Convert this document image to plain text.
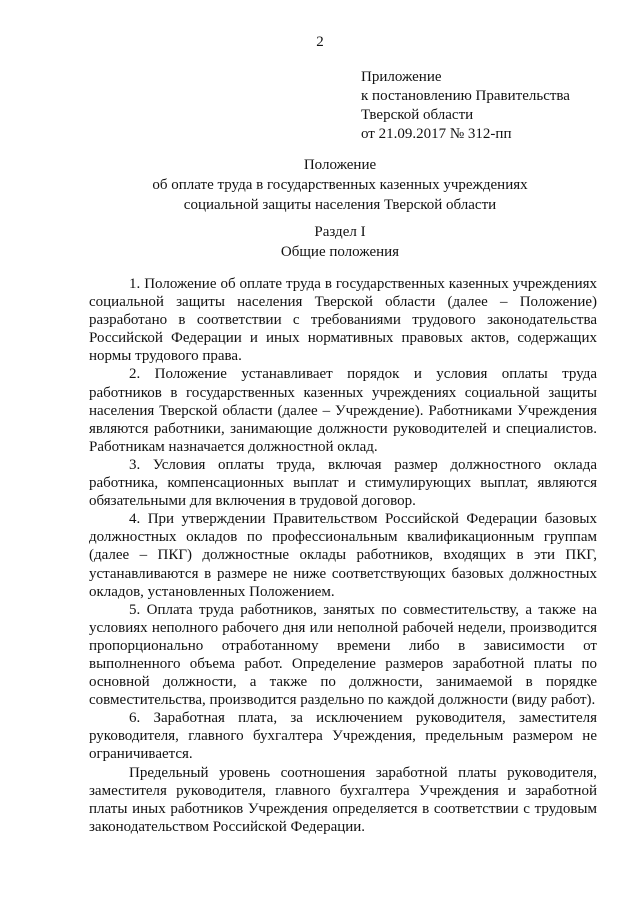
2
Приложение
к постановлению Правительства
Тверской области
от 21.09.2017 № 312-пп
Положение
об оплате труда в государственных казенных учреждениях
социальной защиты населения Тверской области
Раздел I
Общие положения

1. Положение об оплате труда в государственных казенных учреждениях социальной защиты населения Тверской области (далее – Положение) разработано в соответствии с требованиями трудового законодательства Российской Федерации и иных нормативных правовых актов, содержащих нормы трудового права.

2. Положение устанавливает порядок и условия оплаты труда работников в государственных казенных учреждениях социальной защиты населения Тверской области (далее – Учреждение). Работниками Учреждения являются работники, занимающие должности руководителей и специалистов. Работникам назначается должностной оклад.

3. Условия оплаты труда, включая размер должностного оклада работника, компенсационных выплат и стимулирующих выплат, являются обязательными для включения в трудовой договор.

4. При утверждении Правительством Российской Федерации базовых должностных окладов по профессиональным квалификационным группам (далее – ПКГ) должностные оклады работников, входящих в эти ПКГ, устанавливаются в размере не ниже соответствующих базовых должностных окладов, установленных Положением.

5. Оплата труда работников, занятых по совместительству, а также на условиях неполного рабочего дня или неполной рабочей недели, производится пропорционально отработанному времени либо в зависимости от выполненного объема работ. Определение размеров заработной платы по основной должности, а также по должности, занимаемой в порядке совместительства, производится раздельно по каждой должности (виду работ).

6. Заработная плата, за исключением руководителя, заместителя руководителя, главного бухгалтера Учреждения, предельным размером не ограничивается.

Предельный уровень соотношения заработной платы руководителя, заместителя руководителя, главного бухгалтера Учреждения и заработной платы иных работников Учреждения определяется в соответствии с трудовым законодательством Российской Федерации.
